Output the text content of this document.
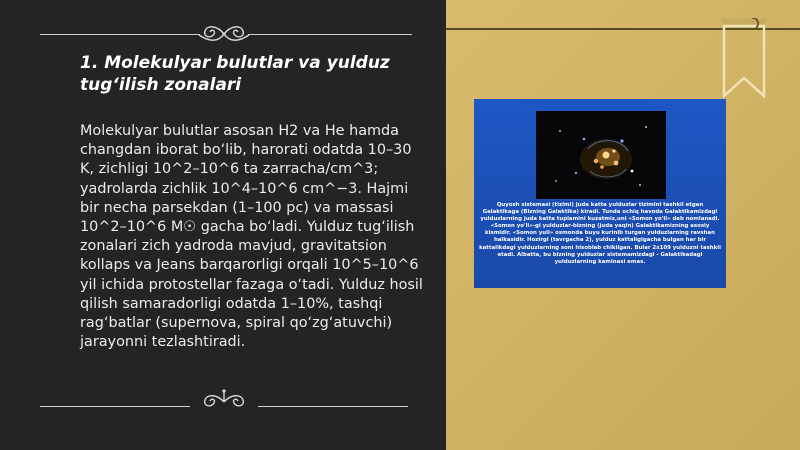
1. Molekulyar bulutlar va yulduz tug‘ilish zonalari
Molekulyar bulutlar asosan H2 va He hamda changdan iborat bo‘lib, harorati odatda 10–30 K, zichligi 10^2–10^6 ta zarracha/cm^3; yadrolarda zichlik 10^4–10^6 cm^−3. Hajmi bir necha parsekdan (1–100 pc) va massasi 10^2–10^6 M☉ gacha bo‘ladi. Yulduz tug‘ilish zonalari zich yadroda mavjud, gravitatsion kollaps va Jeans barqarorligi orqali 10^5–10^6 yil ichida protostellar fazaga o‘tadi. Yulduz hosil qilish samaradorligi odatda 1–10%, tashqi rag‘batlar (supernova, spiral qo‘zg‘atuvchi) jarayonni tezlashtiradi.
Quyosh sistemasi (tizimi) juda katta yulduzlar tizimini tashkil etgan Galaktikaga (Bizning Galaktika) kiradi. Tunda ochiq havoda Galaktikamizdagi yulduzlarning juda katta tuplamini kuzatmiz,uni «Somon yo'li» deb nomlanadi. «Somon yo'li»-gi yulduzlar-bizning (juda yaqin) Galaktikamizning asosiy kismidir. «Somon yuli» osmonda buyu kurinib turgan yulduzlarning ravshan halkasidir. Hozirgi (tavrgacha 2), yulduz kattaligigacha bulgan har bir kattalikdagi yulduzlarning soni hisoblab chikilgan. Bular 2x109 yulduzni tashkil etadi. Albatta, bu bizning yulduzlar sistemamizdagi - Galaktikadagi yulduzlarning kaminasi emas.
